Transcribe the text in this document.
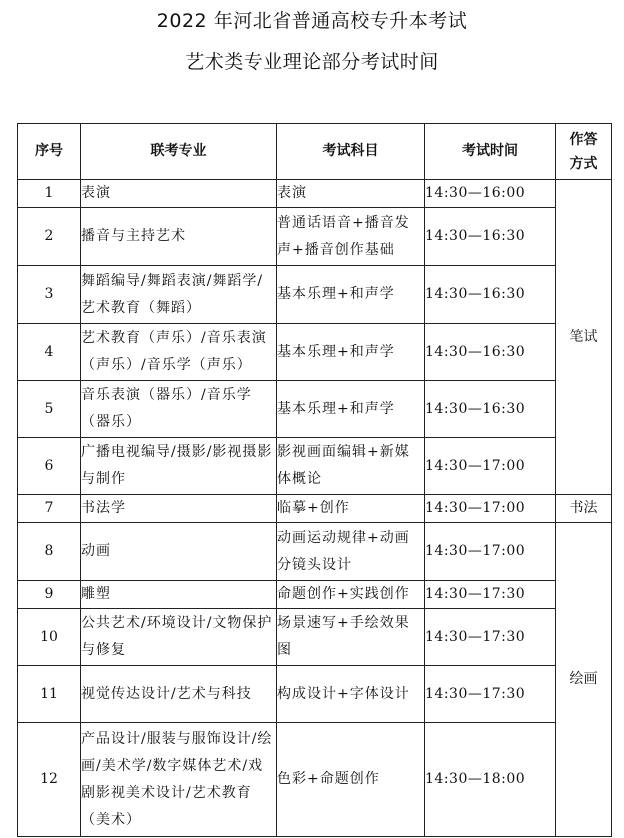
2022 年河北省普通高校专升本考试
艺术类专业理论部分考试时间
序号	联考专业	考试科目	考试时间	作答
方式
1	表演	表演	14:30—16:00	笔试
2	播音与主持艺术	普通话语音+播音发声+播音创作基础	14:30—16:30	
3	舞蹈编导/舞蹈表演/舞蹈学/艺术教育（舞蹈）	基本乐理+和声学	14:30—16:30	
4	艺术教育（声乐）/音乐表演（声乐）/音乐学（声乐）	基本乐理+和声学	14:30—16:30	
5	音乐表演（器乐）/音乐学（器乐）	基本乐理+和声学	14:30—16:30	
6	广播电视编导/摄影/影视摄影与制作	影视画面编辑+新媒体概论	14:30—17:00	
7	书法学	临摹+创作	14:30—17:00	书法
8	动画	动画运动规律+动画分镜头设计	14:30—17:00	绘画
9	雕塑	命题创作+实践创作	14:30—17:30	
10	公共艺术/环境设计/文物保护与修复	场景速写+手绘效果图	14:30—17:30	
11	视觉传达设计/艺术与科技	构成设计+字体设计	14:30—17:30	
12	产品设计/服装与服饰设计/绘画/美术学/数字媒体艺术/戏剧影视美术设计/艺术教育（美术）	色彩+命题创作	14:30—18:00	
